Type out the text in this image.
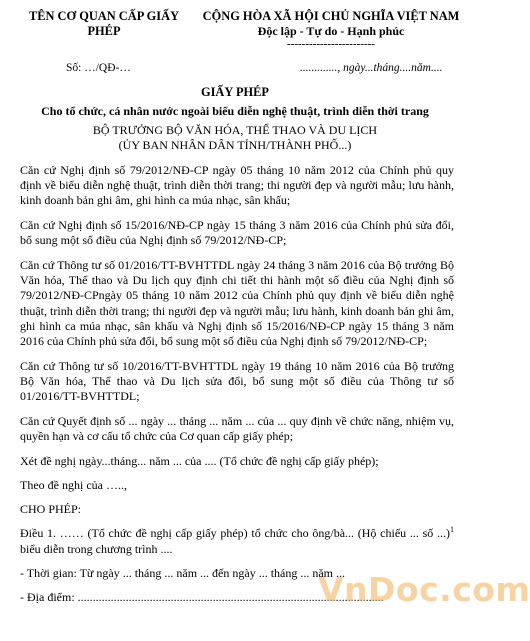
TÊN CƠ QUAN CẤP GIẤY
PHÉP
CỘNG HÒA XÃ HỘI CHỦ NGHĨA VIỆT NAM
Độc lập - Tự do - Hạnh phúc
------------------------
Số: …/QĐ-…	............., ngày...tháng....năm....
GIẤY PHÉP
Cho tổ chức, cá nhân nước ngoài biểu diễn nghệ thuật, trình diễn thời trang
BỘ TRƯỞNG BỘ VĂN HÓA, THỂ THAO VÀ DU LỊCH
(ỦY BAN NHÂN DÂN TỈNH/THÀNH PHỐ...)

Căn cứ Nghị định số 79/2012/NĐ-CP ngày 05 tháng 10 năm 2012 của Chính phủ quy định về biểu diễn nghệ thuật, trình diễn thời trang; thi người đẹp và người mẫu; lưu hành, kinh doanh bản ghi âm, ghi hình ca múa nhạc, sân khấu;

Căn cứ Nghị định số 15/2016/NĐ-CP ngày 15 tháng 3 năm 2016 của Chính phủ sửa đổi, bổ sung một số điều của Nghị định số 79/2012/NĐ-CP;

Căn cứ Thông tư số 01/2016/TT-BVHTTDL ngày 24 tháng 3 năm 2016 của Bộ trưởng Bộ Văn hóa, Thể thao và Du lịch quy định chi tiết thi hành một số điều của Nghị định số 79/2012/NĐ-CPngày 05 tháng 10 năm 2012 của Chính phủ quy định về biểu diễn nghệ thuật, trình diễn thời trang; thi người đẹp và người mẫu; lưu hành, kinh doanh bản ghi âm, ghi hình ca múa nhạc, sân khấu và Nghị định số 15/2016/NĐ-CP ngày 15 tháng 3 năm 2016 của Chính phủ sửa đổi, bổ sung một số điều của Nghị định số 79/2012/NĐ-CP;

Căn cứ Thông tư số 10/2016/TT-BVHTTDL ngày 19 tháng 10 năm 2016 của Bộ trưởng Bộ Văn hóa, Thể thao và Du lịch sửa đổi, bổ sung một số điều của Thông tư số 01/2016/TT-BVHTTDL;

Căn cứ Quyết định số ... ngày ... tháng ... năm ... của ... quy định về chức năng, nhiệm vụ, quyền hạn và cơ cấu tổ chức của Cơ quan cấp giấy phép;

Xét đề nghị ngày...tháng... năm ... của .... (Tổ chức đề nghị cấp giấy phép);

Theo đề nghị của …..,

CHO PHÉP:

Điều 1. …… (Tổ chức đề nghị cấp giấy phép) tổ chức cho ông/bà... (Hộ chiếu ... số ...)$^1$ biểu diễn trong chương trình ....

- Thời gian: Từ ngày ... tháng ... năm ... đến ngày ... tháng ... năm ...

- Địa điểm: ......................................................................................................

VnDoc.com
